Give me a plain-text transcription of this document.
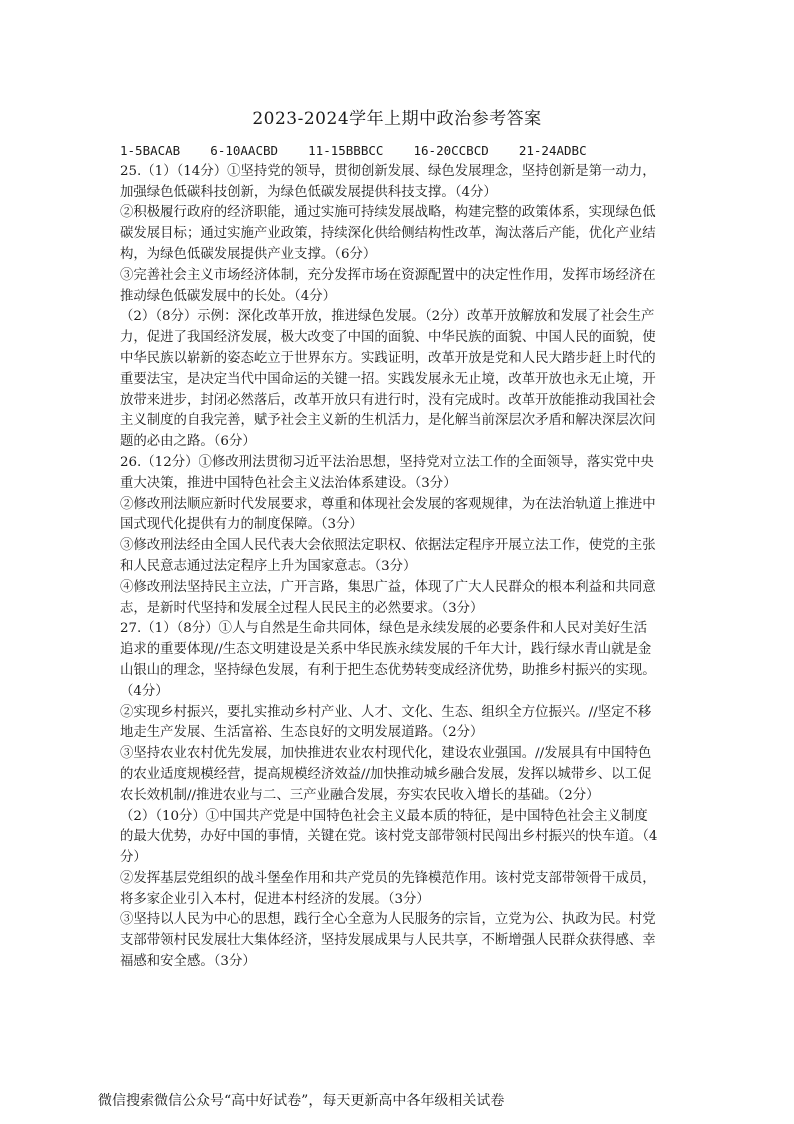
2023-2024学年上期中政治参考答案
1-5BACAB    6-10AACBD    11-15BBBCC    16-20CCBCD    21-24ADBC
25.（1）（14分）①坚持党的领导，贯彻创新发展、绿色发展理念，坚持创新是第一动力，
加强绿色低碳科技创新，为绿色低碳发展提供科技支撑。（4分）
②积极履行政府的经济职能，通过实施可持续发展战略，构建完整的政策体系，实现绿色低
碳发展目标；通过实施产业政策，持续深化供给侧结构性改革，淘汰落后产能，优化产业结
构，为绿色低碳发展提供产业支撑。（6分）
③完善社会主义市场经济体制，充分发挥市场在资源配置中的决定性作用，发挥市场经济在
推动绿色低碳发展中的长处。（4分）
（2）（8分）示例：深化改革开放，推进绿色发展。（2分）改革开放解放和发展了社会生产
力，促进了我国经济发展，极大改变了中国的面貌、中华民族的面貌、中国人民的面貌，使
中华民族以崭新的姿态屹立于世界东方。实践证明，改革开放是党和人民大踏步赶上时代的
重要法宝，是决定当代中国命运的关键一招。实践发展永无止境，改革开放也永无止境，开
放带来进步，封闭必然落后，改革开放只有进行时，没有完成时。改革开放能推动我国社会
主义制度的自我完善，赋予社会主义新的生机活力，是化解当前深层次矛盾和解决深层次问
题的必由之路。（6分）
26.（12分）①修改刑法贯彻习近平法治思想，坚持党对立法工作的全面领导，落实党中央
重大决策，推进中国特色社会主义法治体系建设。（3分）
②修改刑法顺应新时代发展要求，尊重和体现社会发展的客观规律，为在法治轨道上推进中
国式现代化提供有力的制度保障。（3分）
③修改刑法经由全国人民代表大会依照法定职权、依据法定程序开展立法工作，使党的主张
和人民意志通过法定程序上升为国家意志。（3分）
④修改刑法坚持民主立法，广开言路，集思广益，体现了广大人民群众的根本利益和共同意
志，是新时代坚持和发展全过程人民民主的必然要求。（3分）
27.（1）（8分）①人与自然是生命共同体，绿色是永续发展的必要条件和人民对美好生活
追求的重要体现//生态文明建设是关系中华民族永续发展的千年大计，践行绿水青山就是金
山银山的理念，坚持绿色发展，有利于把生态优势转变成经济优势，助推乡村振兴的实现。
（4分）
②实现乡村振兴，要扎实推动乡村产业、人才、文化、生态、组织全方位振兴。//坚定不移
地走生产发展、生活富裕、生态良好的文明发展道路。（2分）
③坚持农业农村优先发展，加快推进农业农村现代化，建设农业强国。//发展具有中国特色
的农业适度规模经营，提高规模经济效益//加快推动城乡融合发展，发挥以城带乡、以工促
农长效机制//推进农业与二、三产业融合发展，夯实农民收入增长的基础。（2分）
（2）（10分）①中国共产党是中国特色社会主义最本质的特征，是中国特色社会主义制度
的最大优势，办好中国的事情，关键在党。该村党支部带领村民闯出乡村振兴的快车道。（4
分）
②发挥基层党组织的战斗堡垒作用和共产党员的先锋模范作用。该村党支部带领骨干成员，
将多家企业引入本村，促进本村经济的发展。（3分）
③坚持以人民为中心的思想，践行全心全意为人民服务的宗旨，立党为公、执政为民。村党
支部带领村民发展壮大集体经济，坚持发展成果与人民共享，不断增强人民群众获得感、幸
福感和安全感。（3分）
微信搜索微信公众号“高中好试卷”，每天更新高中各年级相关试卷
